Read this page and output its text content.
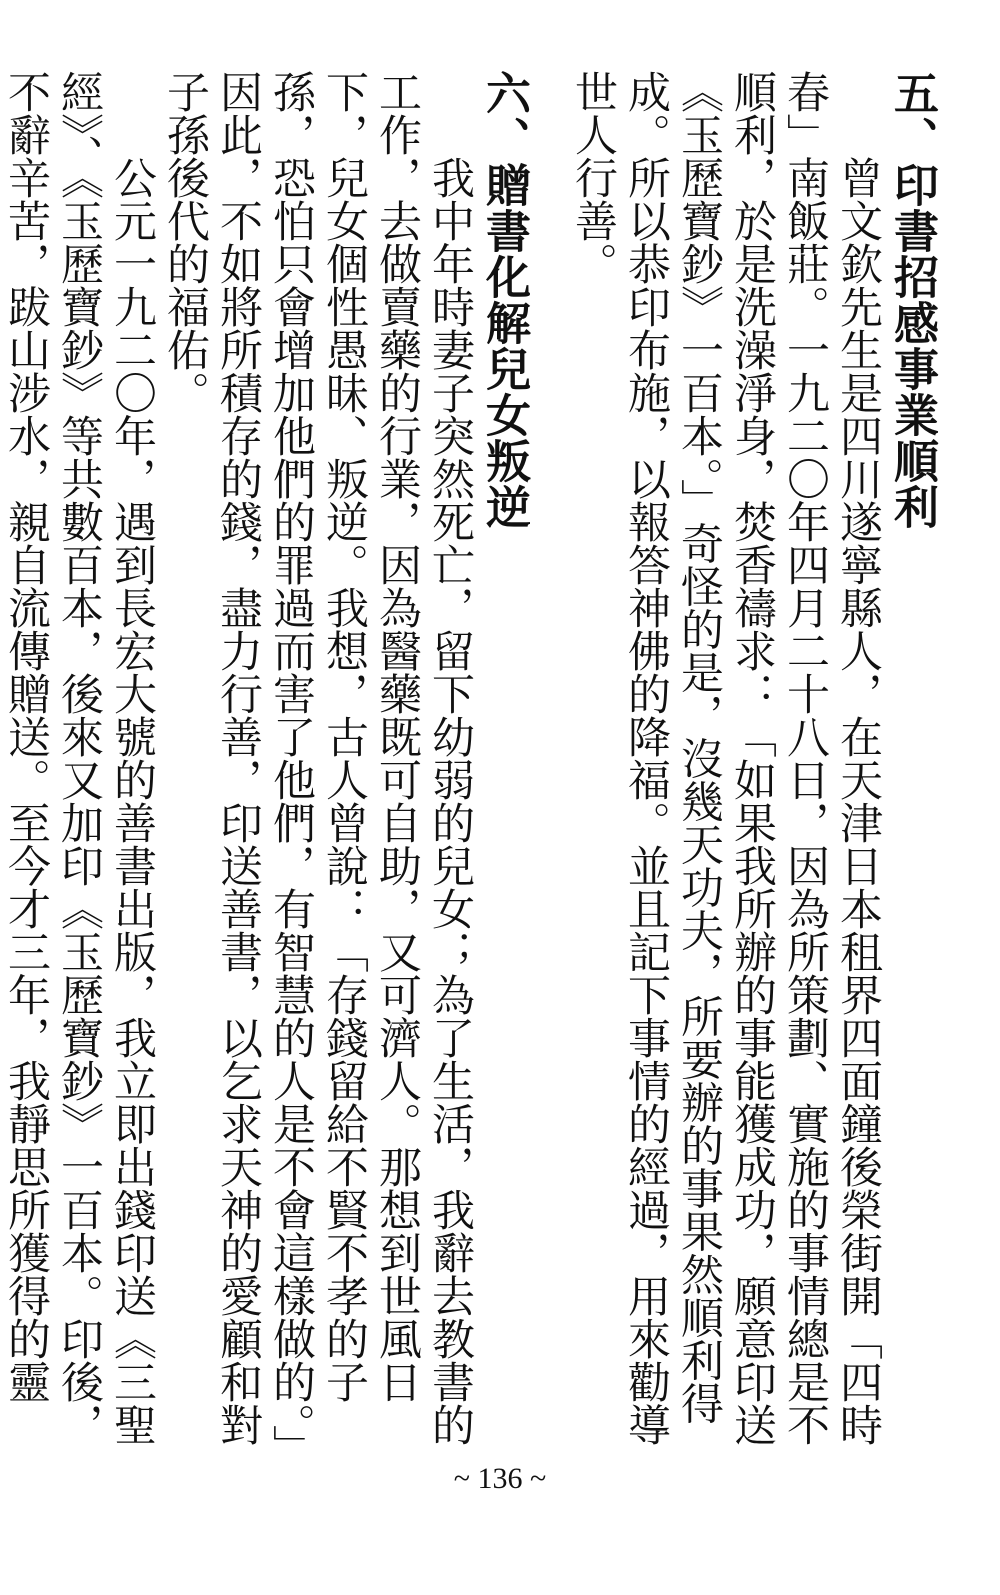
五、印書招感事業順利

曾文欽先生是四川遂寧縣人，在天津日本租界四面鐘後榮街開「四時春」南飯莊。一九二〇年四月二十八日，因為所策劃、實施的事情總是不順利，於是洗澡淨身，焚香禱求：「如果我所辦的事能獲成功，願意印送《玉歷寶鈔》一百本。」奇怪的是，沒幾天功夫，所要辦的事果然順利得成。所以恭印布施，以報答神佛的降福。並且記下事情的經過，用來勸導世人行善。

六、贈書化解兒女叛逆

我中年時妻子突然死亡，留下幼弱的兒女；為了生活，我辭去教書的工作，去做賣藥的行業，因為醫藥既可自助，又可濟人。那想到世風日下，兒女個性愚昧、叛逆。我想，古人曾說：「存錢留給不賢不孝的子孫，恐怕只會增加他們的罪過而害了他們，有智慧的人是不會這樣做的。」因此，不如將所積存的錢，盡力行善，印送善書，以乞求天神的愛顧和對子孫後代的福佑。

公元一九二〇年，遇到長宏大號的善書出版，我立即出錢印送《三聖經》、《玉歷寶鈔》等共數百本，後來又加印《玉歷寶鈔》一百本。印後，不辭辛苦，跋山涉水，親自流傳贈送。至今才三年，我靜思所獲得的靈

~ 136 ~
